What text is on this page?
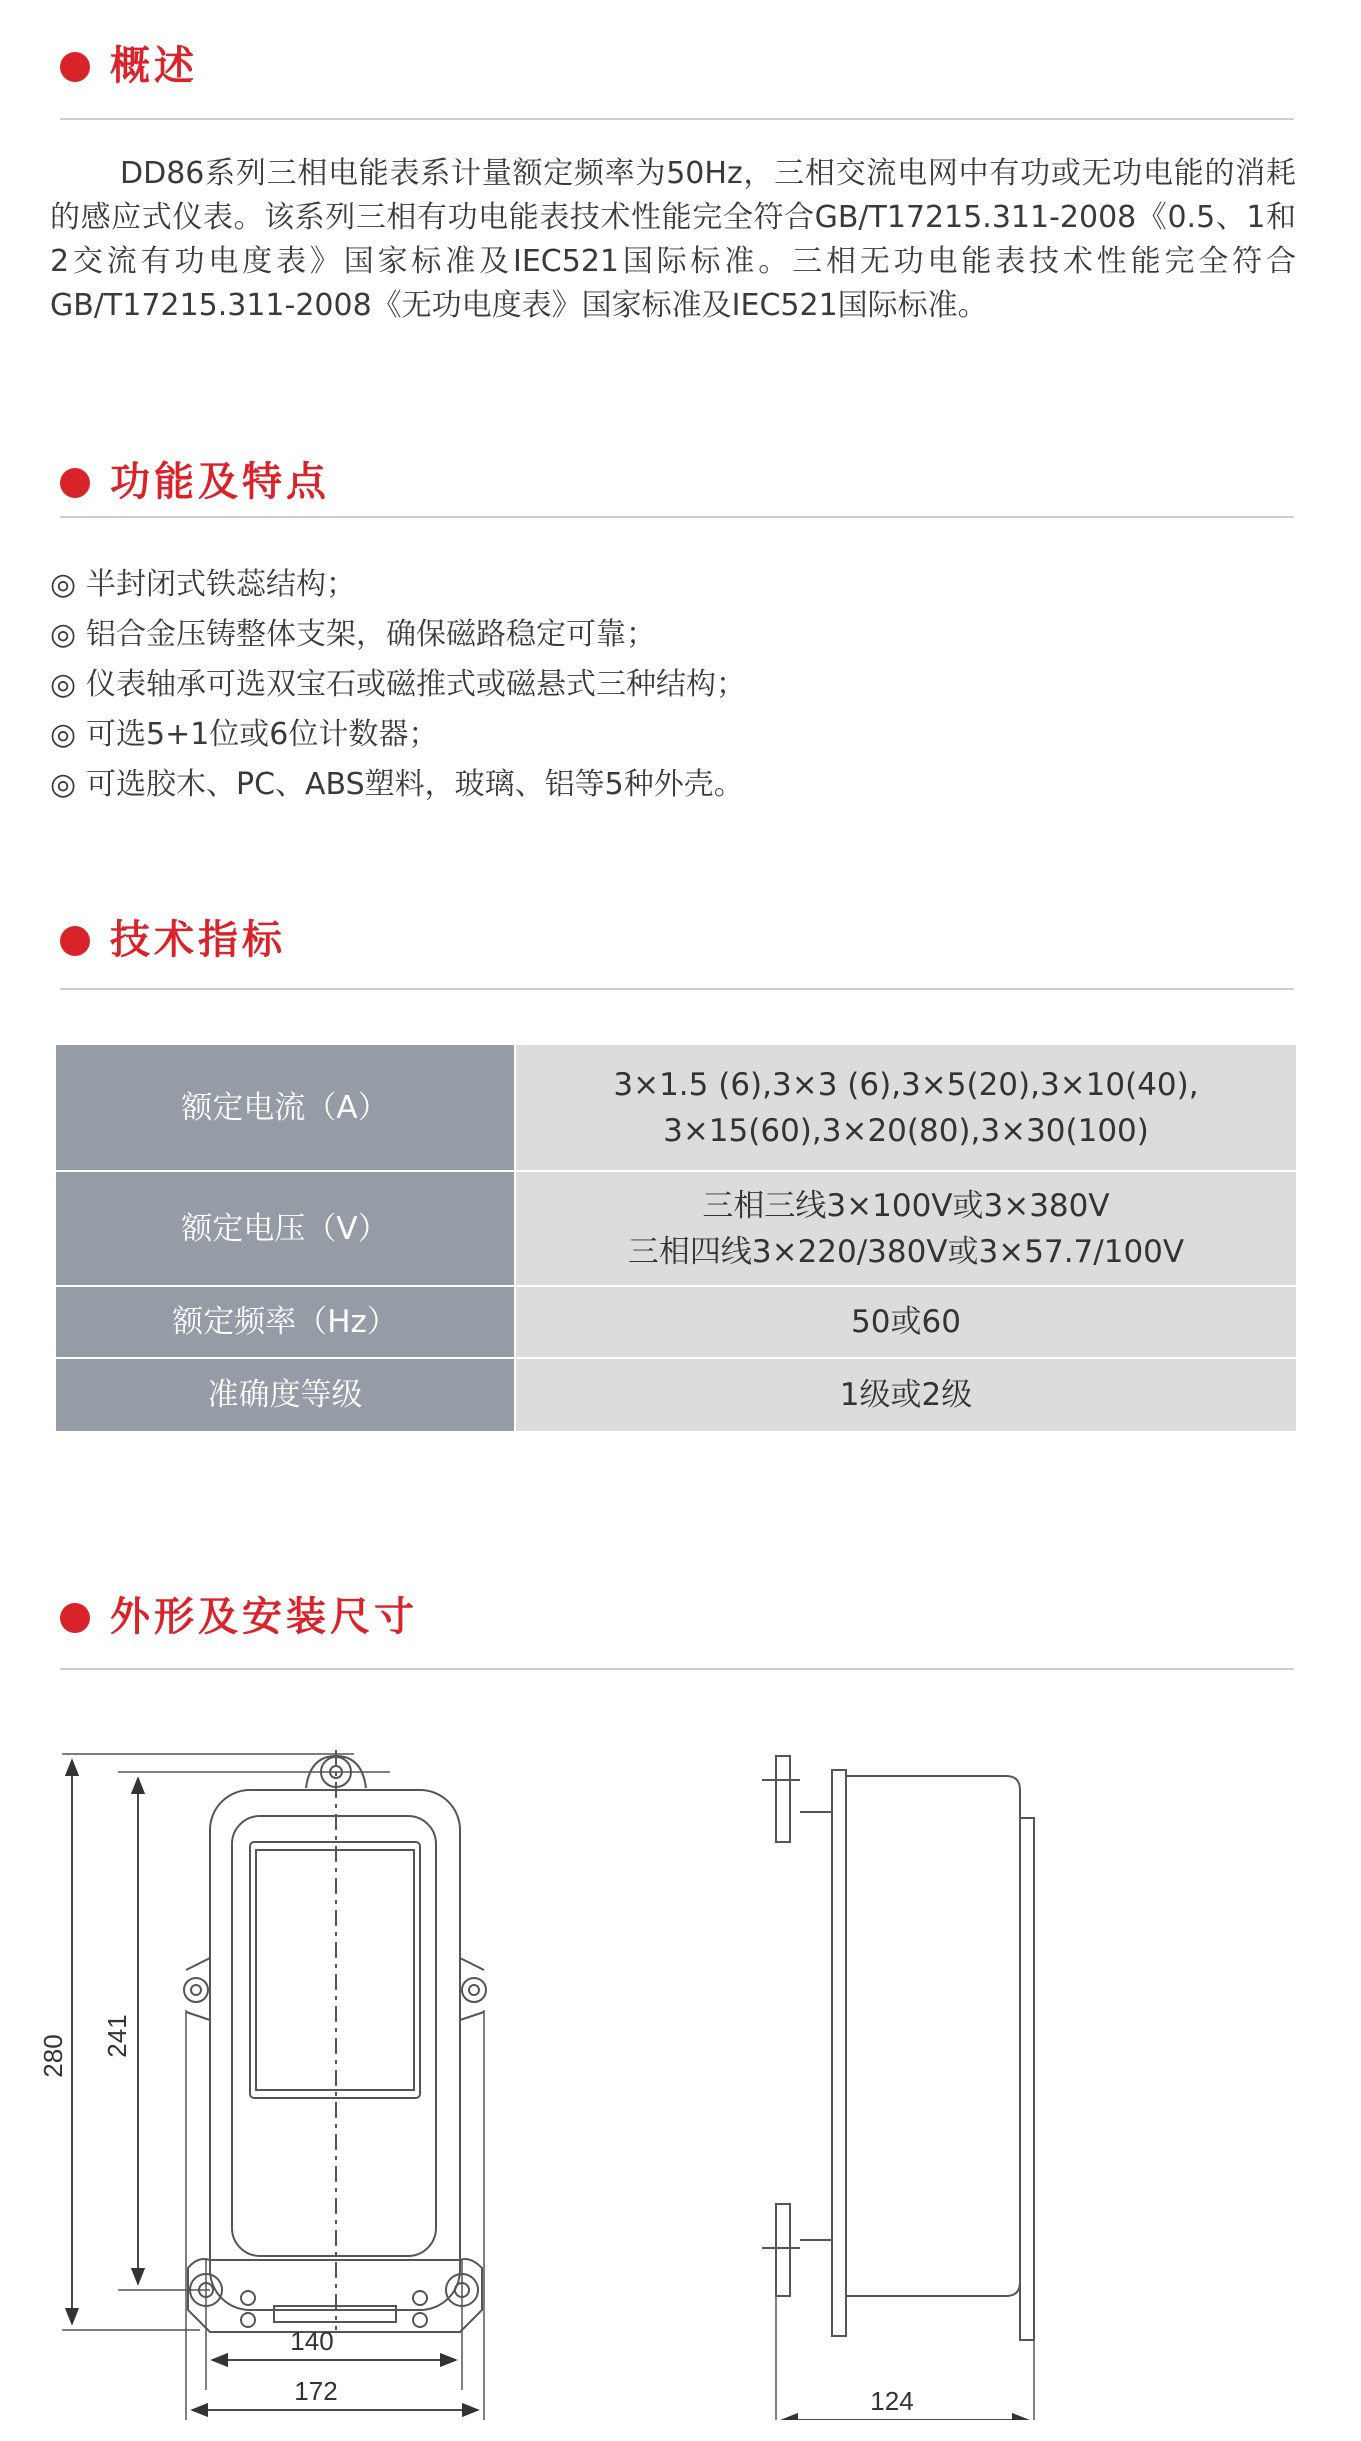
概述
DD86系列三相电能表系计量额定频率为50Hz，三相交流电网中有功或无功电能的消耗的感应式仪表。该系列三相有功电能表技术性能完全符合GB/T17215.311-2008《0.5、1和2交流有功电度表》国家标准及IEC521国际标准。三相无功电能表技术性能完全符合GB/T17215.311-2008《无功电度表》国家标准及IEC521国际标准。
功能及特点
◎ 半封闭式铁蕊结构；
◎ 铝合金压铸整体支架，确保磁路稳定可靠；
◎ 仪表轴承可选双宝石或磁推式或磁悬式三种结构；
◎ 可选5+1位或6位计数器；
◎ 可选胶木、PC、ABS塑料，玻璃、铝等5种外壳。
技术指标
额定电流（A）	3×1.5 (6),3×3 (6),3×5(20),3×10(40),
3×15(60),3×20(80),3×30(100)

额定电压（V）	三相三线3×100V或3×380V
三相四线3×220/380V或3×57.7/100V

额定频率（Hz）	50或60

准确度等级	1级或2级
外形及安装尺寸
280 241
140
172	124
